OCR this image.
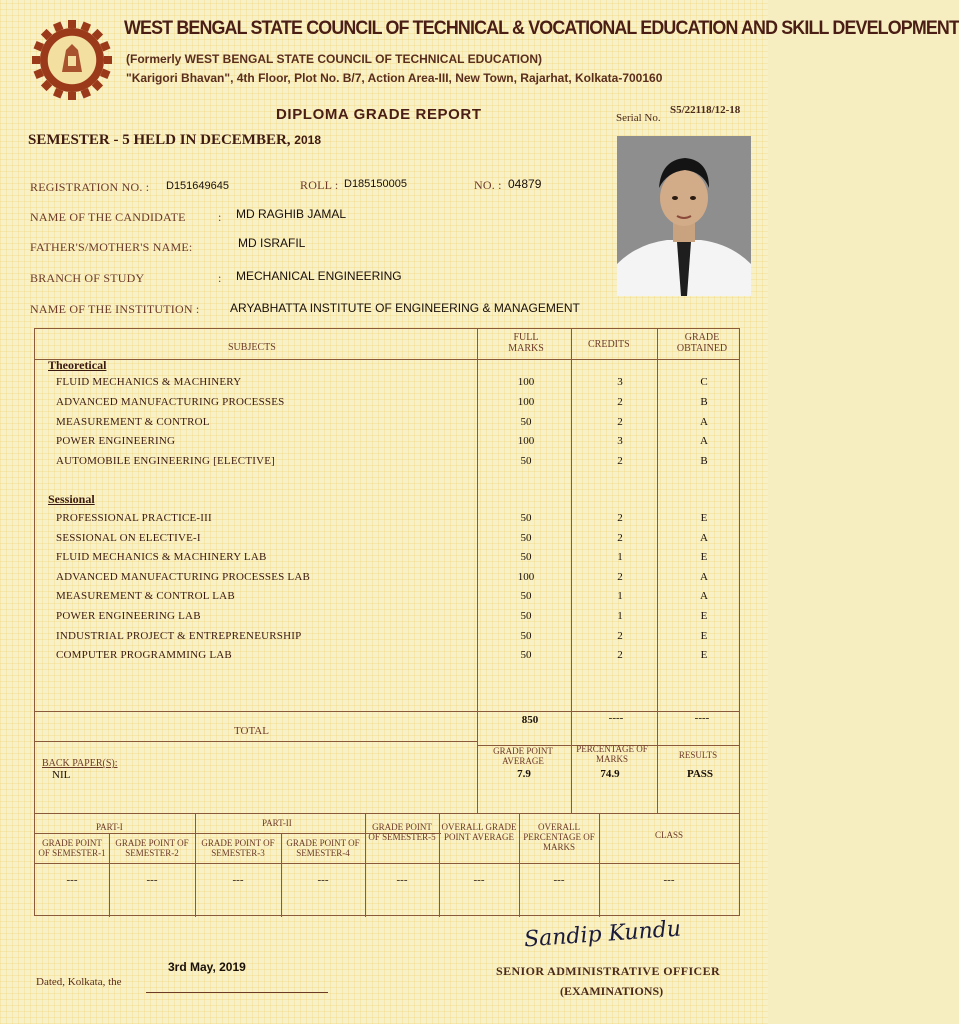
WEST BENGAL STATE COUNCIL OF TECHNICAL & VOCATIONAL EDUCATION AND SKILL DEVELOPMENT
(Formerly WEST BENGAL STATE COUNCIL OF TECHNICAL EDUCATION)
"Karigori Bhavan", 4th Floor, Plot No. B/7, Action Area-III, New Town, Rajarhat, Kolkata-700160
DIPLOMA GRADE REPORT	Serial No.
S5/22118/12-18
SEMESTER - 5 HELD IN DECEMBER, 2018
REGISTRATION NO. : D151649645	ROLL : D185150005	NO. : 04879
NAME OF THE CANDIDATE	: MD RAGHIB JAMAL
FATHER'S/MOTHER'S NAME:	MD ISRAFIL
BRANCH OF STUDY	: MECHANICAL ENGINEERING
NAME OF THE INSTITUTION :	ARYABHATTA INSTITUTE OF ENGINEERING & MANAGEMENT
SUBJECTS
FULL MARKS	CREDITS
GRADE OBTAINED
Theoretical
Sessional
FLUID MECHANICS & MACHINERY	100	3	C
ADVANCED MANUFACTURING PROCESSES	100	2	B
MEASUREMENT & CONTROL	50	2	A
POWER ENGINEERING	100	3	A
AUTOMOBILE ENGINEERING [ELECTIVE]	50	2	B
PROFESSIONAL PRACTICE-III	50	2	E
SESSIONAL ON ELECTIVE-I	50	2	A
FLUID MECHANICS & MACHINERY LAB	50	1	E
ADVANCED MANUFACTURING PROCESSES LAB	100	2	A
MEASUREMENT & CONTROL LAB	50	1	A
POWER ENGINEERING LAB	50	1	E
INDUSTRIAL PROJECT & ENTREPRENEURSHIP	50	2	E
COMPUTER PROGRAMMING LAB	50	2	E
TOTAL
850	----	----
BACK PAPER(S):
NIL
GRADE POINT AVERAGE
7.9
PERCENTAGE OF MARKS
74.9
RESULTS
PASS
PART-I	PART-II
GRADE POINT OF SEMESTER-1
---
GRADE POINT OF SEMESTER-2
---
GRADE POINT OF SEMESTER-3
---
GRADE POINT OF SEMESTER-4
---
GRADE POINT OF SEMESTER-5
---
OVERALL GRADE POINT AVERAGE
---
OVERALL PERCENTAGE OF MARKS
---
CLASS
---
Dated, Kolkata, the
3rd May, 2019
Sandip Kundu
SENIOR ADMINISTRATIVE OFFICER
(EXAMINATIONS)
